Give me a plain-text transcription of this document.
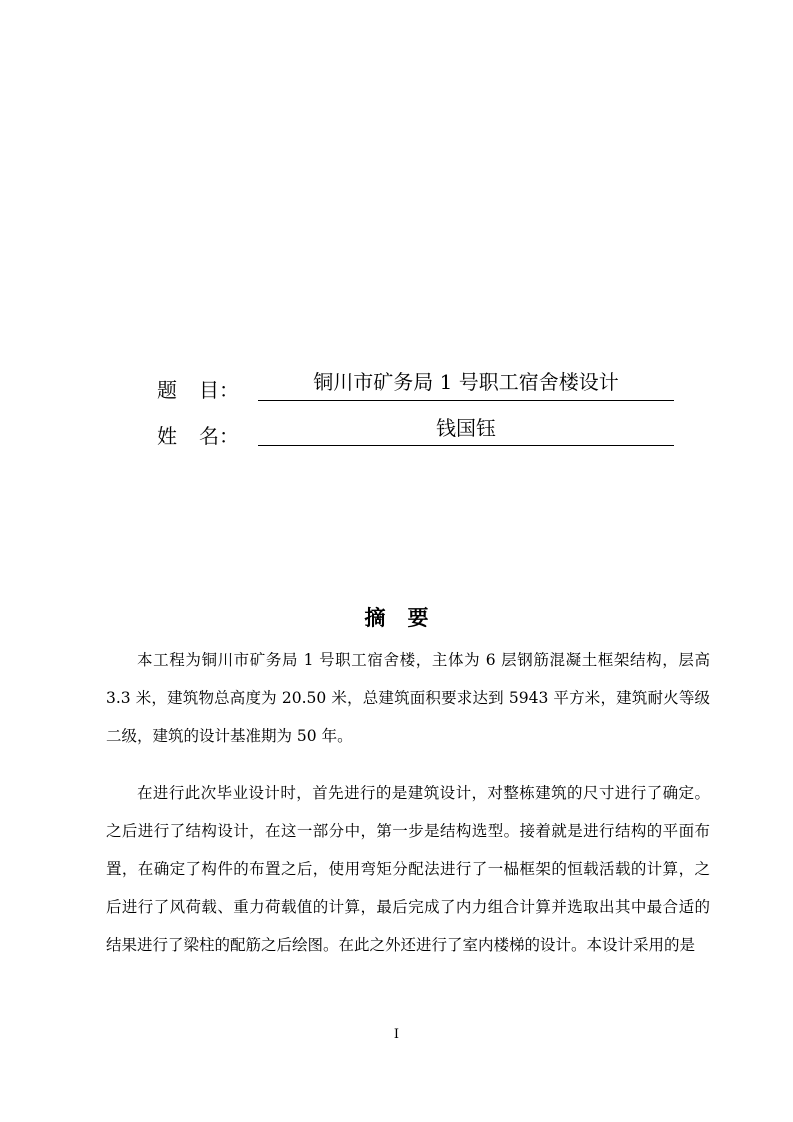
题 目：	铜川市矿务局 1 号职工宿舍楼设计
姓 名：	钱国钰
摘 要

本工程为铜川市矿务局 1 号职工宿舍楼，主体为 6 层钢筋混凝土框架结构，层高 3.3 米，建筑物总高度为 20.50 米，总建筑面积要求达到 5943 平方米，建筑耐火等级二级，建筑的设计基准期为 50 年。

在进行此次毕业设计时，首先进行的是建筑设计，对整栋建筑的尺寸进行了确定。之后进行了结构设计，在这一部分中，第一步是结构选型。接着就是进行结构的平面布置，在确定了构件的布置之后，使用弯矩分配法进行了一榀框架的恒载活载的计算，之后进行了风荷载、重力荷载值的计算，最后完成了内力组合计算并选取出其中最合适的结果进行了梁柱的配筋之后绘图。在此之外还进行了室内楼梯的设计。本设计采用的是

I
